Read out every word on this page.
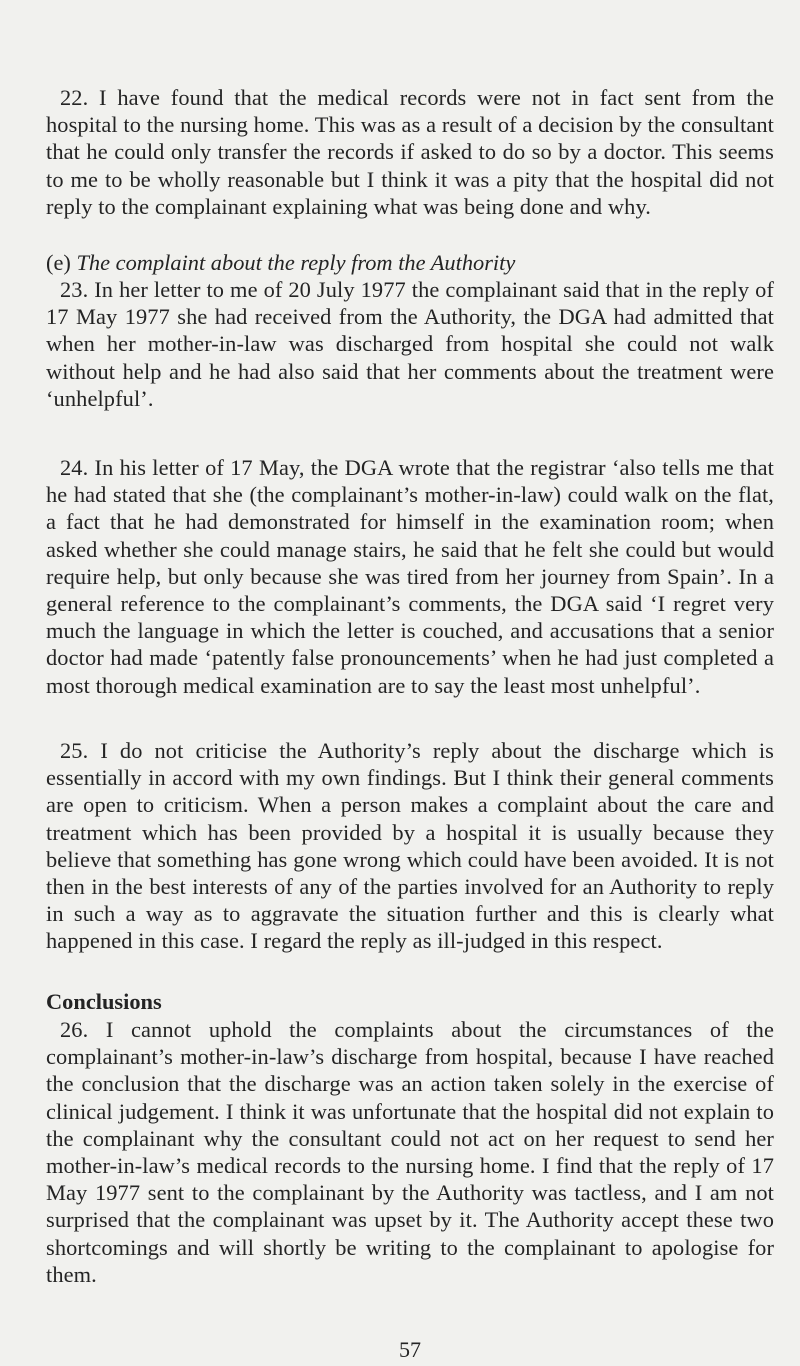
22. I have found that the medical records were not in fact sent from the hospital to the nursing home. This was as a result of a decision by the consultant that he could only transfer the records if asked to do so by a doctor. This seems to me to be wholly reasonable but I think it was a pity that the hospital did not reply to the complainant explaining what was being done and why.

(e) The complaint about the reply from the Authority

23. In her letter to me of 20 July 1977 the complainant said that in the reply of 17 May 1977 she had received from the Authority, the DGA had admitted that when her mother-in-law was discharged from hospital she could not walk without help and he had also said that her comments about the treatment were ‘unhelpful’.

24. In his letter of 17 May, the DGA wrote that the registrar ‘also tells me that he had stated that she (the complainant’s mother-in-law) could walk on the flat, a fact that he had demonstrated for himself in the examination room; when asked whether she could manage stairs, he said that he felt she could but would require help, but only because she was tired from her journey from Spain’. In a general reference to the complainant’s comments, the DGA said ‘I regret very much the language in which the letter is couched, and accusations that a senior doctor had made ‘patently false pronouncements’ when he had just completed a most thorough medical examination are to say the least most unhelpful’.

25. I do not criticise the Authority’s reply about the discharge which is essentially in accord with my own findings. But I think their general comments are open to criticism. When a person makes a complaint about the care and treatment which has been provided by a hospital it is usually because they believe that something has gone wrong which could have been avoided. It is not then in the best interests of any of the parties involved for an Authority to reply in such a way as to aggravate the situation further and this is clearly what happened in this case. I regard the reply as ill-judged in this respect.

Conclusions

26. I cannot uphold the complaints about the circumstances of the complainant’s mother-in-law’s discharge from hospital, because I have reached the conclusion that the discharge was an action taken solely in the exercise of clinical judgement. I think it was unfortunate that the hospital did not explain to the complainant why the consultant could not act on her request to send her mother-in-law’s medical records to the nursing home. I find that the reply of 17 May 1977 sent to the complainant by the Authority was tactless, and I am not surprised that the complainant was upset by it. The Authority accept these two shortcomings and will shortly be writing to the complainant to apologise for them.

57
